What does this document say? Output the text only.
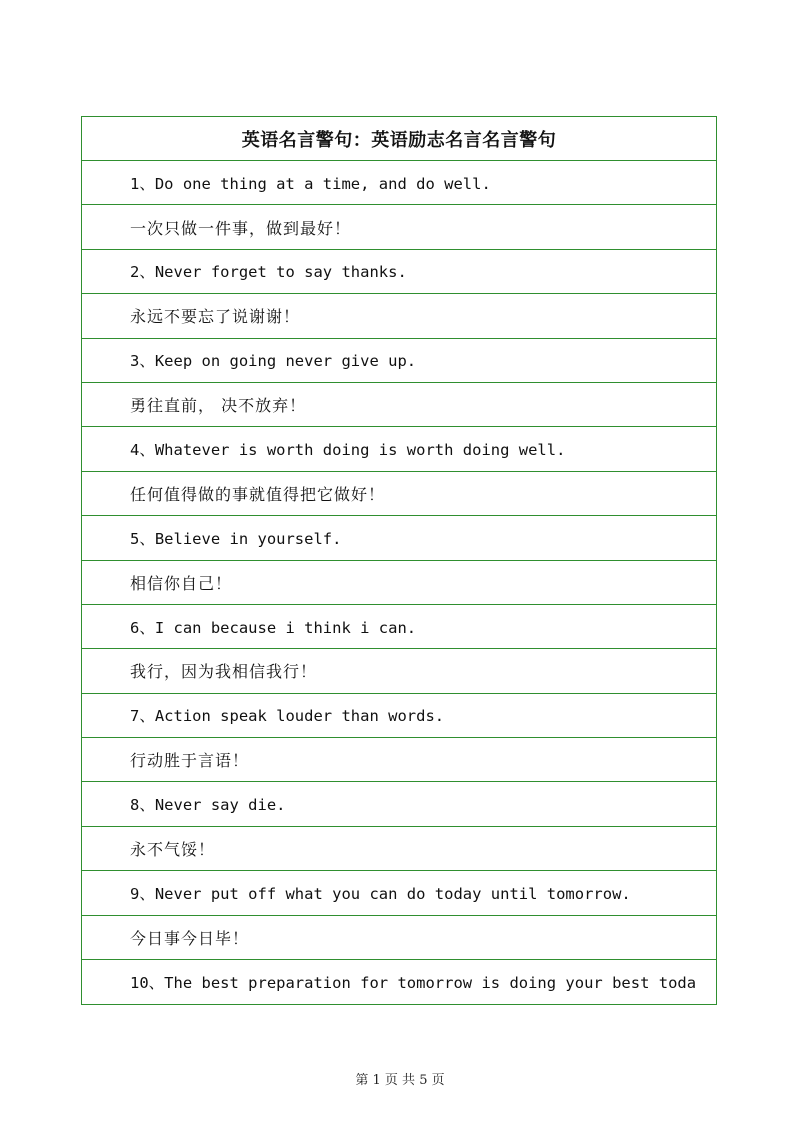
英语名言警句：英语励志名言名言警句
1、Do one thing at a time, and do well.
一次只做一件事，做到最好！
2、Never forget to say thanks.
永远不要忘了说谢谢！
3、Keep on going never give up.
勇往直前， 决不放弃！
4、Whatever is worth doing is worth doing well.
任何值得做的事就值得把它做好！
5、Believe in yourself.
相信你自己！
6、I can because i think i can.
我行，因为我相信我行！
7、Action speak louder than words.
行动胜于言语！
8、Never say die.
永不气馁！
9、Never put off what you can do today until tomorrow.
今日事今日毕！
10、The best preparation for tomorrow is doing your best toda
第 1 页 共 5 页
